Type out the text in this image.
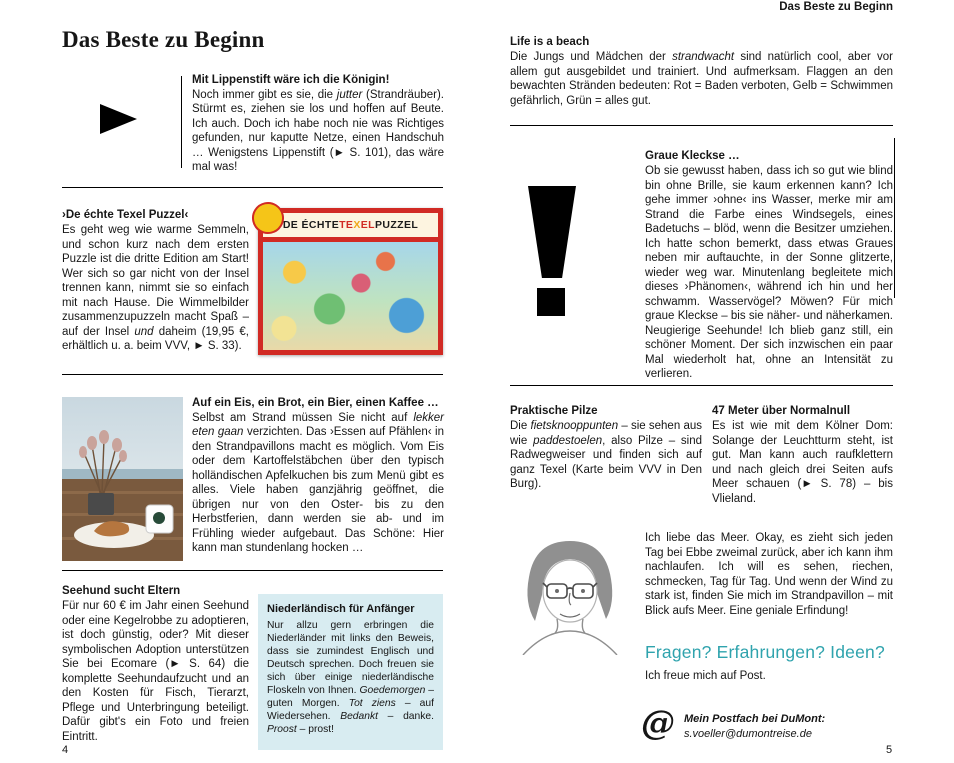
Das Beste zu Beginn
Das Beste zu Beginn
Mit Lippenstift wäre ich die Königin!
Noch immer gibt es sie, die jutter (Strandräuber). Stürmt es, ziehen sie los und hoffen auf Beute. Ich auch. Doch ich habe noch nie was Richtiges gefunden, nur kaputte Netze, einen Handschuh … Wenigstens Lippenstift (► S. 101), das wäre mal was!
›De échte Texel Puzzel‹
Es geht weg wie warme Semmeln, und schon kurz nach dem ersten Puzzle ist die dritte Edition am Start! Wer sich so gar nicht von der Insel trennen kann, nimmt sie so einfach mit nach Hause. Die Wimmelbilder zusammenzupuzzeln macht Spaß – auf der Insel und daheim (19,95 €, erhältlich u. a. beim VVV, ► S. 33).
DE ÉCHTE TE X EL PUZZEL
Auf ein Eis, ein Brot, ein Bier, einen Kaffee …
Selbst am Strand müssen Sie nicht auf lekker eten gaan verzichten. Das ›Essen auf Pfählen‹ in den Strandpavillons macht es möglich. Vom Eis oder dem Kartoffelstäbchen über den typisch holländischen Apfelkuchen bis zum Menü gibt es alles. Viele haben ganzjährig geöffnet, die übrigen nur von den Oster- bis zu den Herbstferien, dann werden sie ab- und im Frühling wieder aufgebaut. Das Schöne: Hier kann man stundenlang hocken …
Seehund sucht Eltern
Für nur 60 € im Jahr einen Seehund oder eine Kegelrobbe zu adoptieren, ist doch günstig, oder? Mit dieser symbolischen Adoption unterstützen Sie bei Ecomare (► S. 64) die komplette Seehundaufzucht und an den Kosten für Fisch, Tierarzt, Pflege und Unterbringung beteiligt. Dafür gibt's ein Foto und freien Eintritt.
Niederländisch für Anfänger
Nur allzu gern erbringen die Niederländer mit links den Beweis, dass sie zumindest Englisch und Deutsch sprechen. Doch freuen sie sich über einige niederländische Floskeln von Ihnen. Goedemorgen – guten Morgen. Tot ziens – auf Wiedersehen. Bedankt – danke. Proost – prost!
4
Life is a beach
Die Jungs und Mädchen der strandwacht sind natürlich cool, aber vor allem gut ausgebildet und trainiert. Und aufmerksam. Flaggen an den bewachten Stränden bedeuten: Rot = Baden verboten, Gelb = Schwimmen gefährlich, Grün = alles gut.
Graue Kleckse …
Ob sie gewusst haben, dass ich so gut wie blind bin ohne Brille, sie kaum erkennen kann? Ich gehe immer ›ohne‹ ins Wasser, merke mir am Strand die Farbe eines Windsegels, eines Badetuchs – blöd, wenn die Besitzer umziehen. Ich hatte schon bemerkt, dass etwas Graues neben mir auftauchte, in der Sonne glitzerte, wieder weg war. Minutenlang begleitete mich dieses ›Phänomen‹, während ich hin und her schwamm. Wasservögel? Möwen? Für mich graue Kleckse – bis sie näher- und näherkamen. Neugierige Seehunde! Ich blieb ganz still, ein schöner Moment. Der sich inzwischen ein paar Mal wiederholt hat, ohne an Intensität zu verlieren.
Praktische Pilze
Die fietsknooppunten – sie sehen aus wie paddestoelen, also Pilze – sind Radwegweiser und finden sich auf ganz Texel (Karte beim VVV in Den Burg).
47 Meter über Normalnull
Es ist wie mit dem Kölner Dom: Solange der Leuchtturm steht, ist gut. Man kann auch raufklettern und nach gleich drei Seiten aufs Meer schauen (► S. 78) – bis Vlieland.
Ich liebe das Meer. Okay, es zieht sich jeden Tag bei Ebbe zweimal zurück, aber ich kann ihm nachlaufen. Ich will es sehen, riechen, schmecken, Tag für Tag. Und wenn der Wind zu stark ist, finden Sie mich im Strandpavillon – mit Blick aufs Meer. Eine geniale Erfindung!
Fragen? Erfahrungen? Ideen?
Ich freue mich auf Post.
@ Mein Postfach bei DuMont:
s.voeller@dumontreise.de
5
